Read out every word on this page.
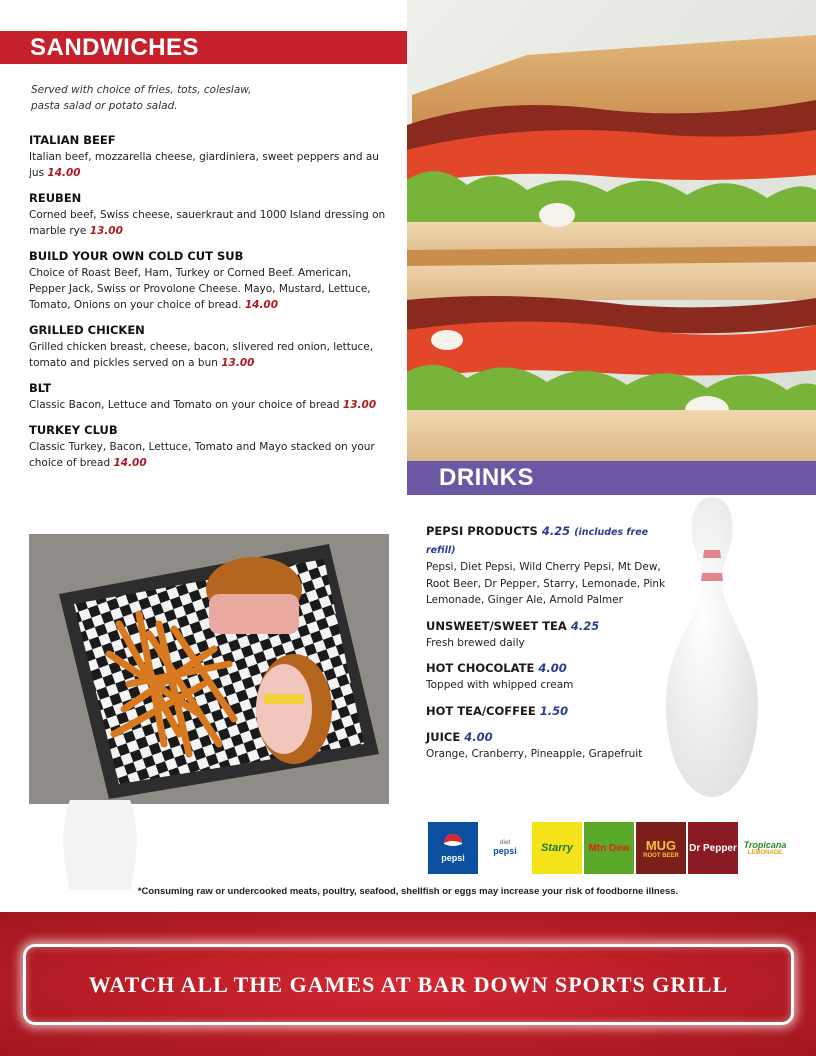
SANDWICHES
Served with choice of fries, tots, coleslaw,
pasta salad or potato salad.
ITALIAN BEEF
Italian beef, mozzarella cheese, giardiniera, sweet peppers and au jus 14.00
REUBEN
Corned beef, Swiss cheese, sauerkraut and 1000 Island dressing on marble rye 13.00
BUILD YOUR OWN COLD CUT SUB
Choice of Roast Beef, Ham, Turkey or Corned Beef. American, Pepper Jack, Swiss or Provolone Cheese. Mayo, Mustard, Lettuce, Tomato, Onions on your choice of bread. 14.00
GRILLED CHICKEN
Grilled chicken breast, cheese, bacon, slivered red onion, lettuce, tomato and pickles served on a bun 13.00
BLT
Classic Bacon, Lettuce and Tomato on your choice of bread 13.00
TURKEY CLUB
Classic Turkey, Bacon, Lettuce, Tomato and Mayo stacked on your choice of bread 14.00
DRINKS
PEPSI PRODUCTS 4.25 (includes free refill)
Pepsi, Diet Pepsi, Wild Cherry Pepsi, Mt Dew, Root Beer, Dr Pepper, Starry, Lemonade, Pink Lemonade, Ginger Ale, Arnold Palmer
UNSWEET/SWEET TEA 4.25
Fresh brewed daily
HOT CHOCOLATE 4.00
Topped with whipped cream
HOT TEA/COFFEE 1.50
JUICE 4.00
Orange, Cranberry, Pineapple, Grapefruit
pepsi
diet
pepsi Starry Mtn Dew MUG
ROOT BEER
Dr Pepper Tropicana
LEMONADE
*Consuming raw or undercooked meats, poultry, seafood, shellfish or eggs may increase your risk of foodborne illness.
WATCH ALL THE GAMES AT BAR DOWN SPORTS GRILL
